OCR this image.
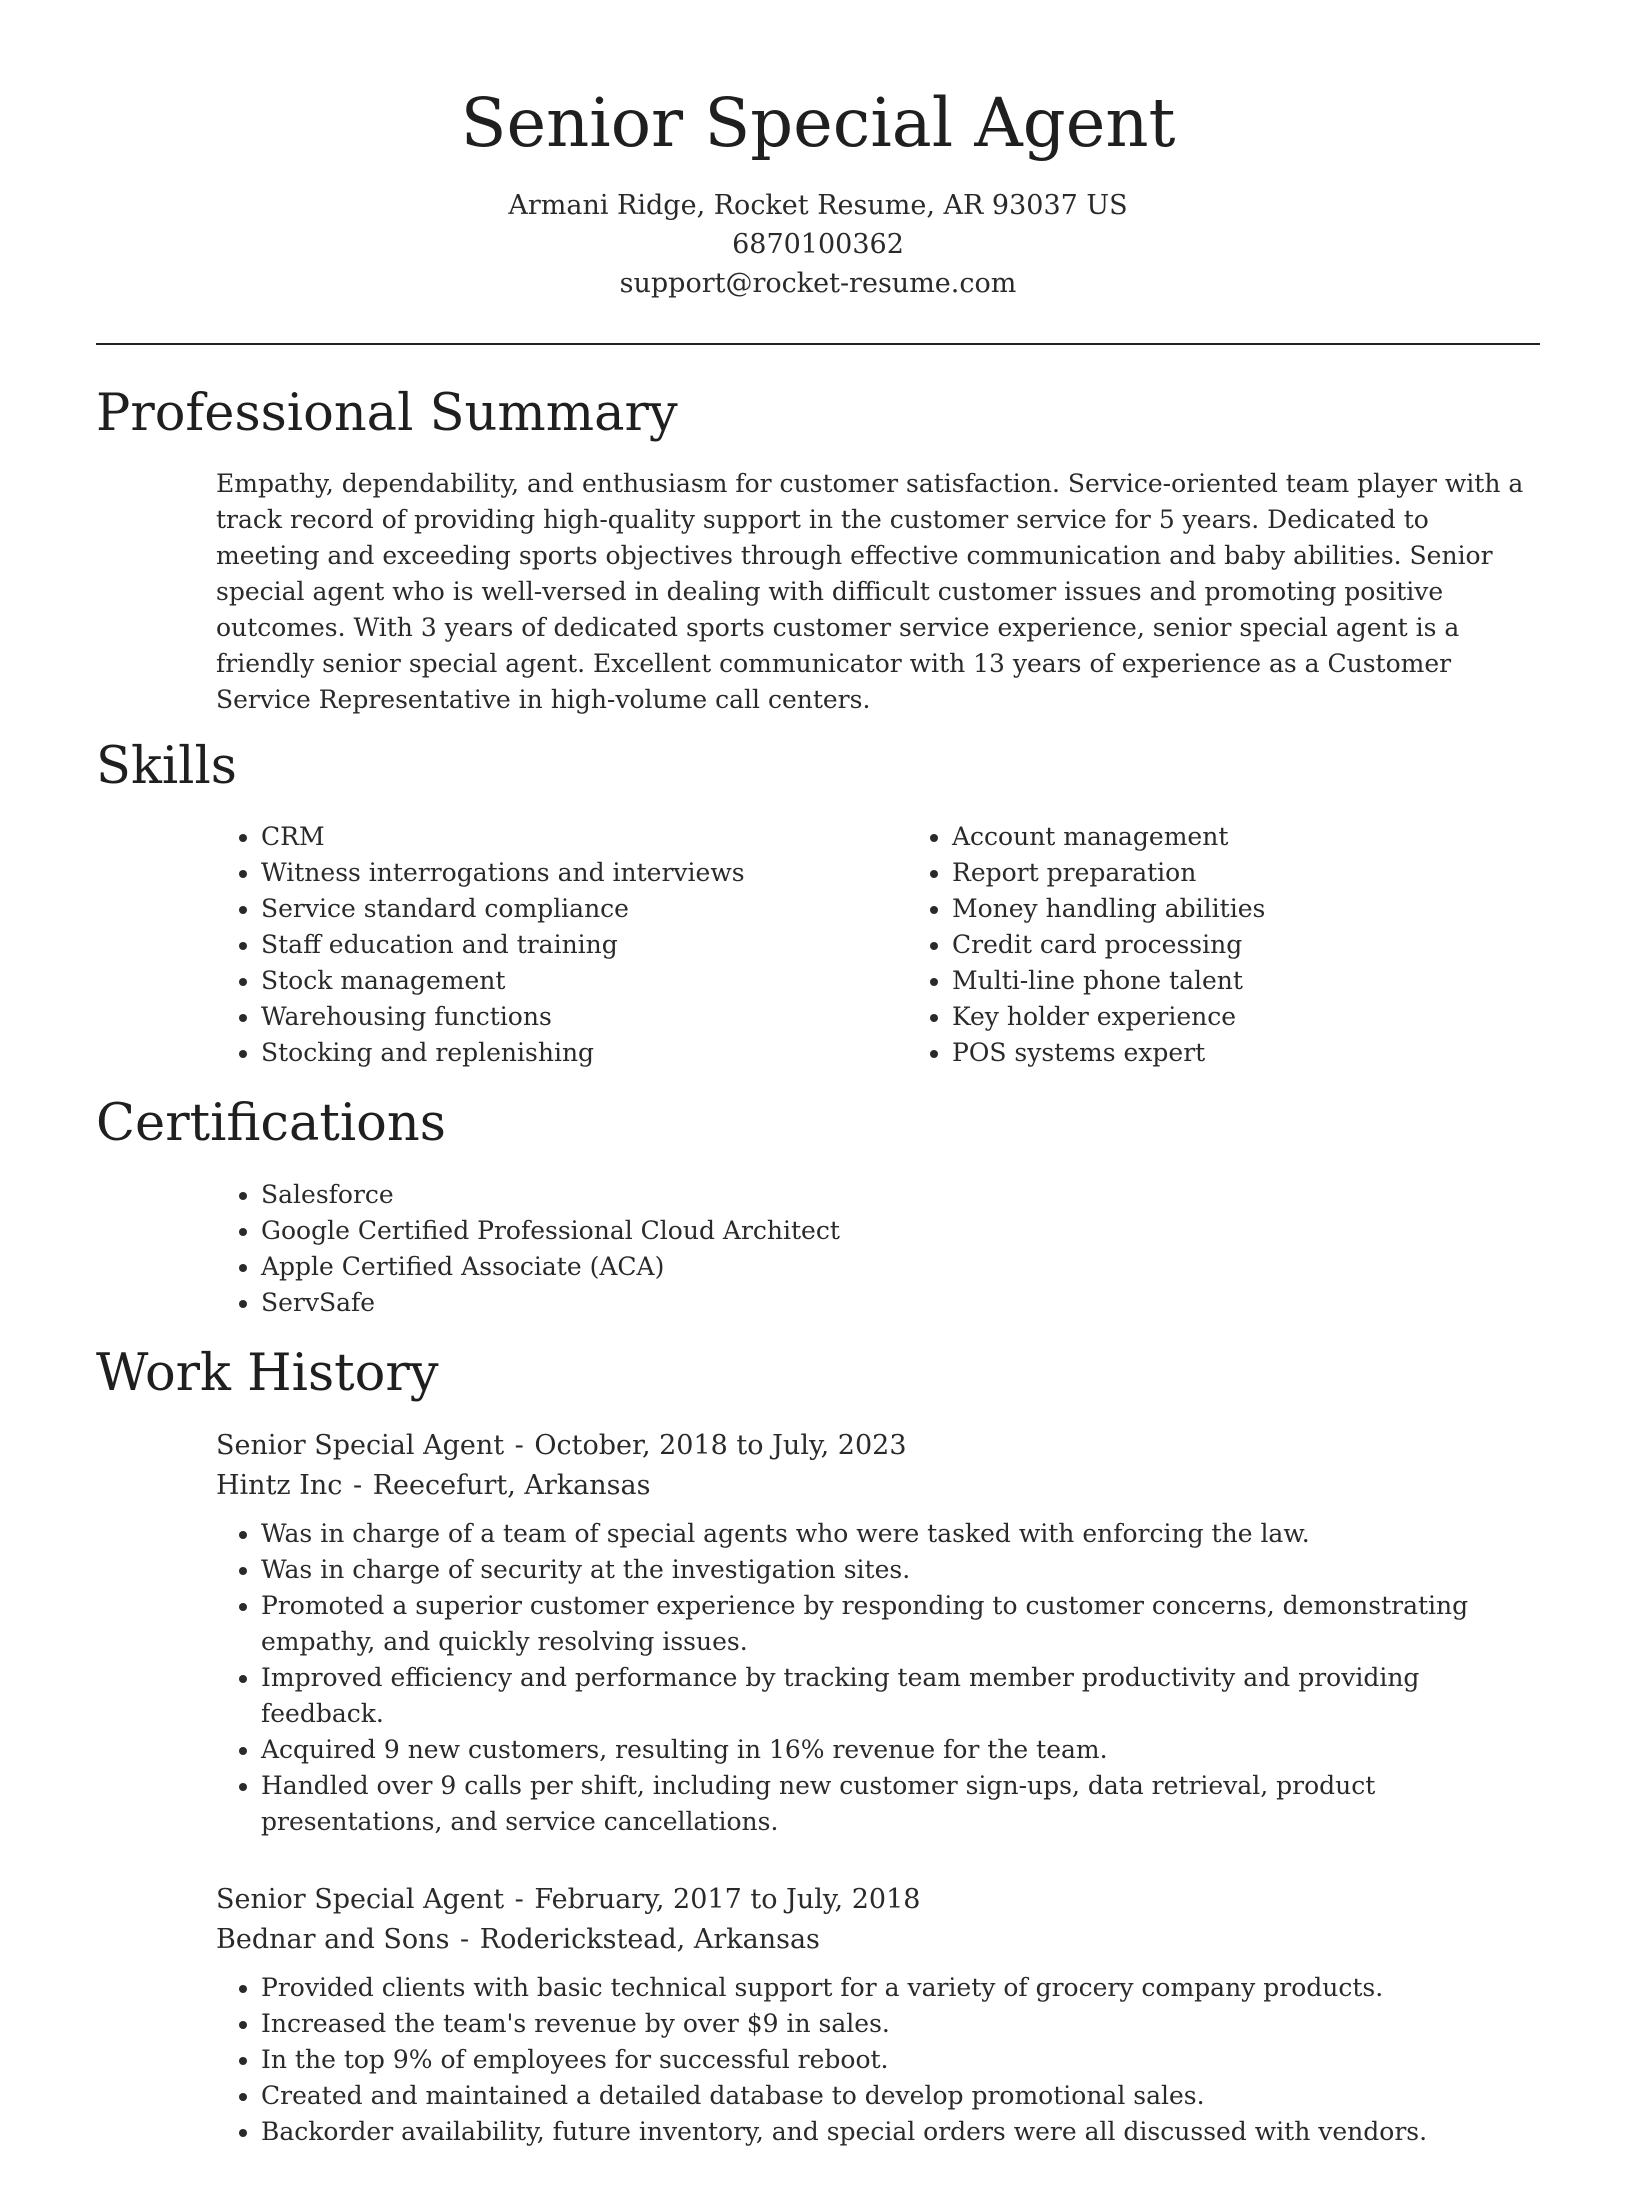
Senior Special Agent
Armani Ridge, Rocket Resume, AR 93037 US
6870100362
support@rocket-resume.com
Professional Summary

Empathy, dependability, and enthusiasm for customer satisfaction. Service-oriented team player with a track record of providing high-quality support in the customer service for 5 years. Dedicated to meeting and exceeding sports objectives through effective communication and baby abilities. Senior special agent who is well-versed in dealing with difficult customer issues and promoting positive outcomes. With 3 years of dedicated sports customer service experience, senior special agent is a friendly senior special agent. Excellent communicator with 13 years of experience as a Customer Service Representative in high-volume call centers.

Skills
• CRM
• Witness interrogations and interviews
• Service standard compliance
• Staff education and training
• Stock management
• Warehousing functions
• Stocking and replenishing
• Account management
• Report preparation
• Money handling abilities
• Credit card processing
• Multi-line phone talent
• Key holder experience
• POS systems expert
Certifications
• Salesforce
• Google Certified Professional Cloud Architect
• Apple Certified Associate (ACA)
• ServSafe
Work History
Senior Special Agent - October, 2018 to July, 2023
Hintz Inc - Reecefurt, Arkansas
• Was in charge of a team of special agents who were tasked with enforcing the law.
• Was in charge of security at the investigation sites.
• Promoted a superior customer experience by responding to customer concerns, demonstrating empathy, and quickly resolving issues.
• Improved efficiency and performance by tracking team member productivity and providing feedback.
• Acquired 9 new customers, resulting in 16% revenue for the team.
• Handled over 9 calls per shift, including new customer sign-ups, data retrieval, product presentations, and service cancellations.
Senior Special Agent - February, 2017 to July, 2018
Bednar and Sons - Roderickstead, Arkansas
• Provided clients with basic technical support for a variety of grocery company products.
• Increased the team's revenue by over $9 in sales.
• In the top 9% of employees for successful reboot.
• Created and maintained a detailed database to develop promotional sales.
• Backorder availability, future inventory, and special orders were all discussed with vendors.
